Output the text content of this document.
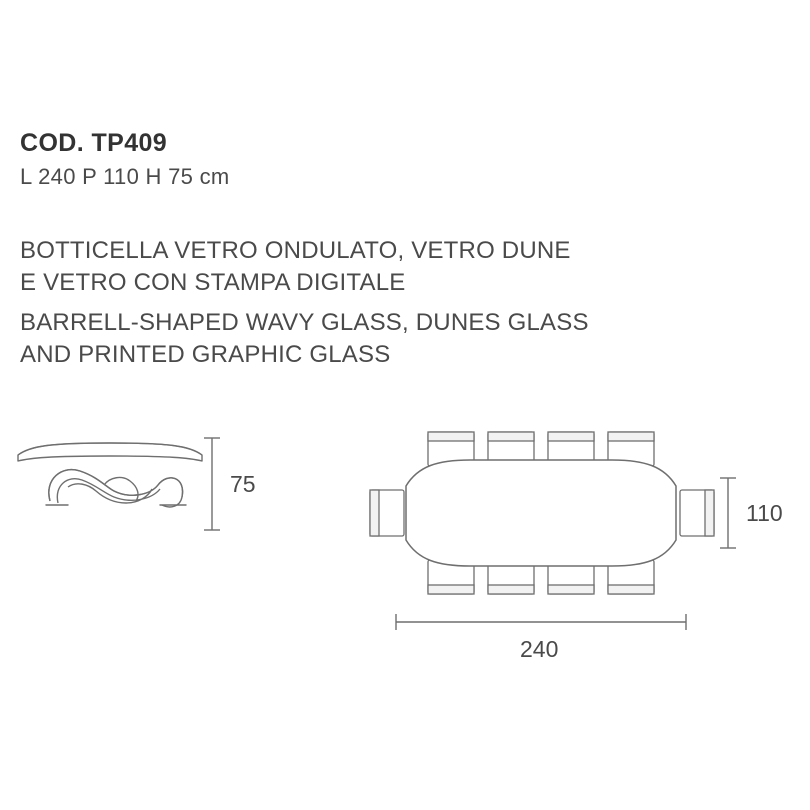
COD. TP409
L 240 P 110 H 75 cm
BOTTICELLA VETRO ONDULATO, VETRO DUNE
E VETRO CON STAMPA DIGITALE
BARRELL-SHAPED WAVY GLASS, DUNES GLASS
AND PRINTED GRAPHIC GLASS
75
240
110
